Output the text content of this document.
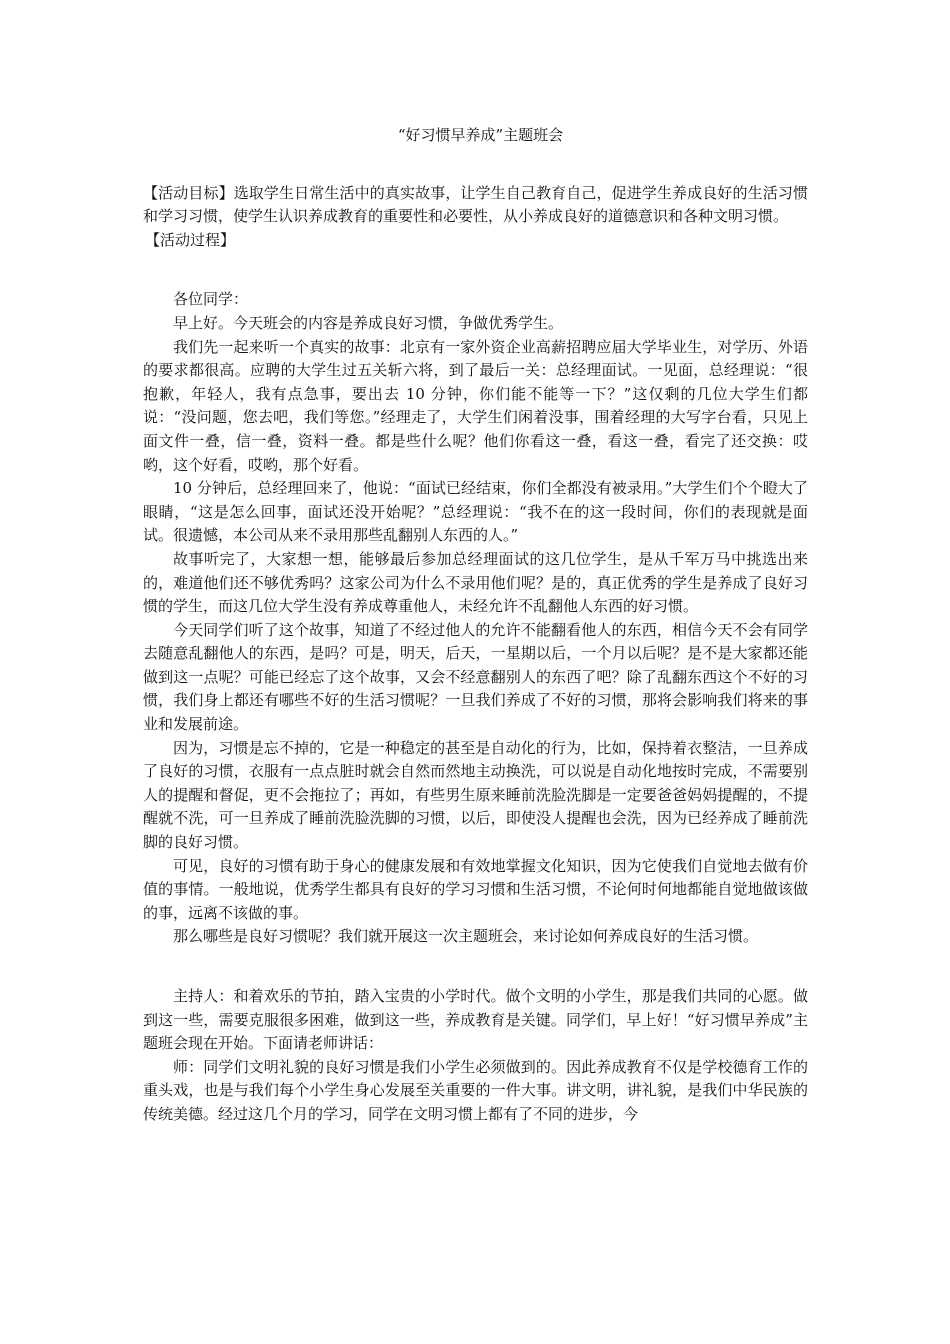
“好习惯早养成”主题班会

【活动目标】选取学生日常生活中的真实故事，让学生自己教育自己，促进学生养成良好的生活习惯和学习习惯，使学生认识养成教育的重要性和必要性，从小养成良好的道德意识和各种文明习惯。

【活动过程】

各位同学：

早上好。今天班会的内容是养成良好习惯，争做优秀学生。

我们先一起来听一个真实的故事：北京有一家外资企业高薪招聘应届大学毕业生，对学历、外语的要求都很高。应聘的大学生过五关斩六将，到了最后一关：总经理面试。一见面，总经理说：“很抱歉，年轻人，我有点急事，要出去 10 分钟，你们能不能等一下？”这仅剩的几位大学生们都说：“没问题，您去吧，我们等您。”经理走了，大学生们闲着没事，围着经理的大写字台看，只见上面文件一叠，信一叠，资料一叠。都是些什么呢？他们你看这一叠，看这一叠，看完了还交换：哎哟，这个好看，哎哟，那个好看。

10 分钟后，总经理回来了，他说：“面试已经结束，你们全都没有被录用。”大学生们个个瞪大了眼睛，“这是怎么回事，面试还没开始呢？”总经理说：“我不在的这一段时间，你们的表现就是面试。很遗憾，本公司从来不录用那些乱翻别人东西的人。”

故事听完了，大家想一想，能够最后参加总经理面试的这几位学生，是从千军万马中挑选出来的，难道他们还不够优秀吗？这家公司为什么不录用他们呢？是的，真正优秀的学生是养成了良好习惯的学生，而这几位大学生没有养成尊重他人，未经允许不乱翻他人东西的好习惯。

今天同学们听了这个故事，知道了不经过他人的允许不能翻看他人的东西，相信今天不会有同学去随意乱翻他人的东西，是吗？可是，明天，后天，一星期以后，一个月以后呢？是不是大家都还能做到这一点呢？可能已经忘了这个故事，又会不经意翻别人的东西了吧？除了乱翻东西这个不好的习惯，我们身上都还有哪些不好的生活习惯呢？一旦我们养成了不好的习惯，那将会影响我们将来的事业和发展前途。

因为，习惯是忘不掉的，它是一种稳定的甚至是自动化的行为，比如，保持着衣整洁，一旦养成了良好的习惯，衣服有一点点脏时就会自然而然地主动换洗，可以说是自动化地按时完成，不需要别人的提醒和督促，更不会拖拉了；再如，有些男生原来睡前洗脸洗脚是一定要爸爸妈妈提醒的，不提醒就不洗，可一旦养成了睡前洗脸洗脚的习惯，以后，即使没人提醒也会洗，因为已经养成了睡前洗脚的良好习惯。

可见，良好的习惯有助于身心的健康发展和有效地掌握文化知识，因为它使我们自觉地去做有价值的事情。一般地说，优秀学生都具有良好的学习习惯和生活习惯，不论何时何地都能自觉地做该做的事，远离不该做的事。

那么哪些是良好习惯呢？我们就开展这一次主题班会，来讨论如何养成良好的生活习惯。

主持人：和着欢乐的节拍，踏入宝贵的小学时代。做个文明的小学生，那是我们共同的心愿。做到这一些，需要克服很多困难，做到这一些，养成教育是关键。同学们，早上好！“好习惯早养成”主题班会现在开始。下面请老师讲话：

师：同学们文明礼貌的良好习惯是我们小学生必须做到的。因此养成教育不仅是学校德育工作的重头戏，也是与我们每个小学生身心发展至关重要的一件大事。讲文明，讲礼貌，是我们中华民族的传统美德。经过这几个月的学习，同学在文明习惯上都有了不同的进步，今
